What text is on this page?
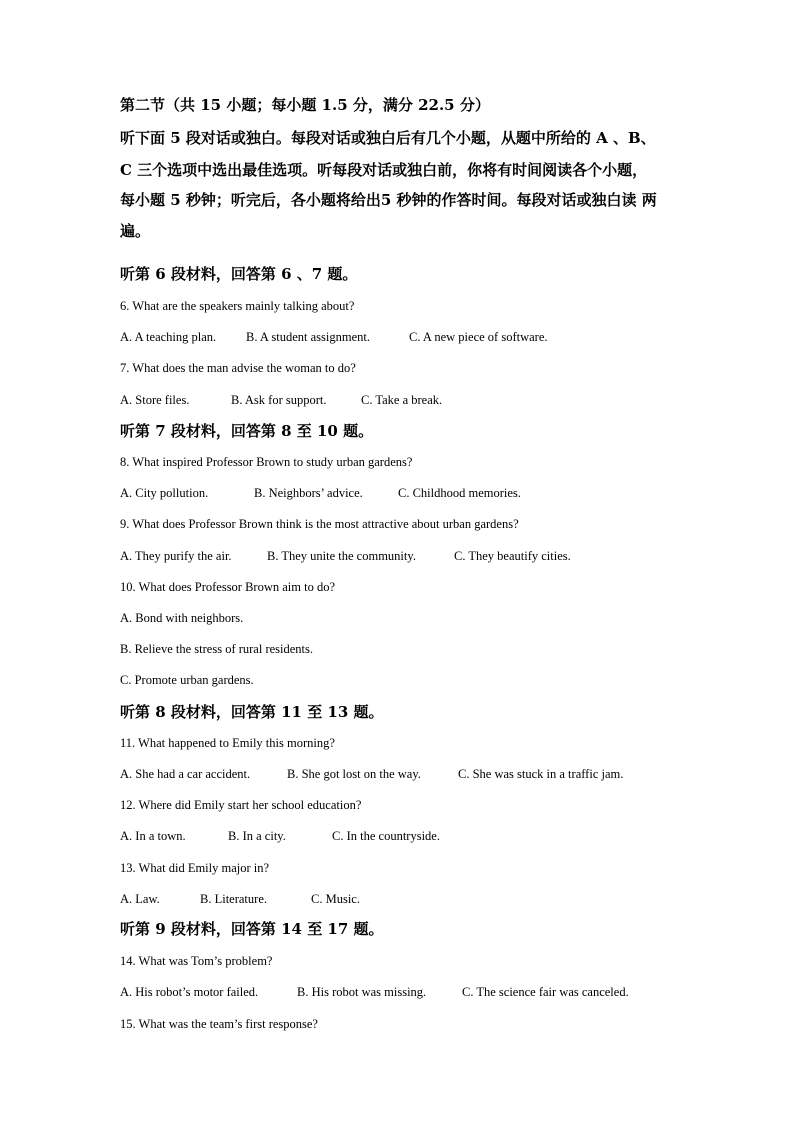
第二节（共 15 小题；每小题 1.5 分，满分 22.5 分）
听下面 5 段对话或独白。每段对话或独白后有几个小题，从题中所给的 A 、B、
C 三个选项中选出最佳选项。听每段对话或独白前，你将有时间阅读各个小题，
每小题 5 秒钟；听完后，各小题将给出5 秒钟的作答时间。每段对话或独白读 两
遍。
听第 6 段材料，回答第 6 、7 题。
6. What are the speakers mainly talking about?
A. A teaching plan. B. A student assignment.	C. A new piece of software.
7. What does the man advise the woman to do?
A. Store files.	B. Ask for support.	C. Take a break.
听第 7 段材料，回答第 8 至 10 题。
8. What inspired Professor Brown to study urban gardens?
A. City pollution.	B. Neighbors’ advice.	C. Childhood memories.
9. What does Professor Brown think is the most attractive about urban gardens?
A. They purify the air.	B. They unite the community.	C. They beautify cities.
10. What does Professor Brown aim to do?
A. Bond with neighbors.
B. Relieve the stress of rural residents.
C. Promote urban gardens.
听第 8 段材料，回答第 11 至 13 题。
11. What happened to Emily this morning?
A. She had a car accident.	B. She got lost on the way.	C. She was stuck in a traffic jam.
12. Where did Emily start her school education?
A. In a town.	B. In a city.	C. In the countryside.
13. What did Emily major in?
A. Law.	B. Literature.	C. Music.
听第 9 段材料，回答第 14 至 17 题。
14. What was Tom’s problem?
A. His robot’s motor failed.	B. His robot was missing.	C. The science fair was canceled.
15. What was the team’s first response?
